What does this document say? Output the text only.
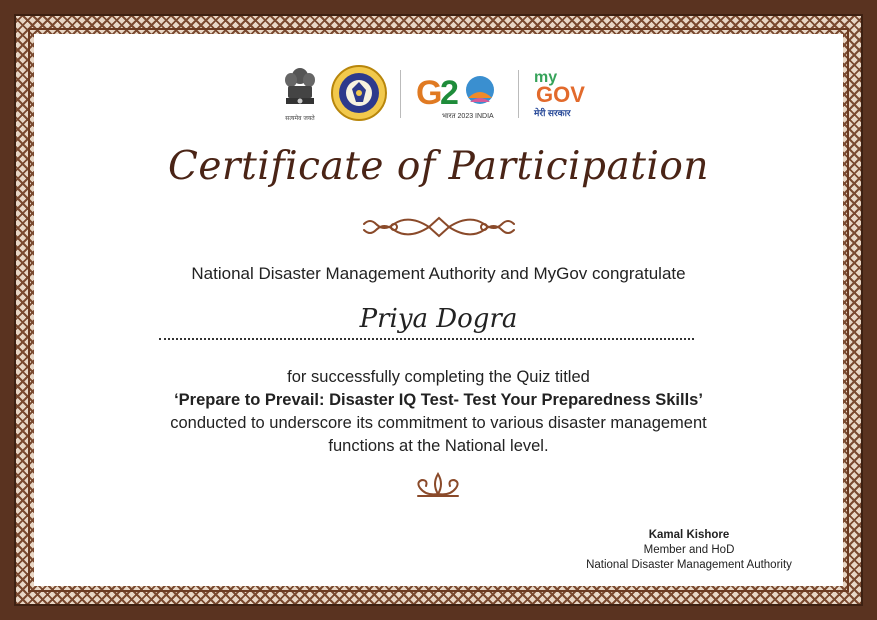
सत्यमेव जयते
G
2
भारत 2023 INDIA
my
GOV
मेरी सरकार
Certificate of Participation
National Disaster Management Authority and MyGov congratulate
Priya Dogra
for successfully completing the Quiz titled
‘Prepare to Prevail: Disaster IQ Test- Test Your Preparedness Skills’
conducted to underscore its commitment to various disaster management
functions at the National level.
Kamal Kishore
Member and HoD
National Disaster Management Authority
